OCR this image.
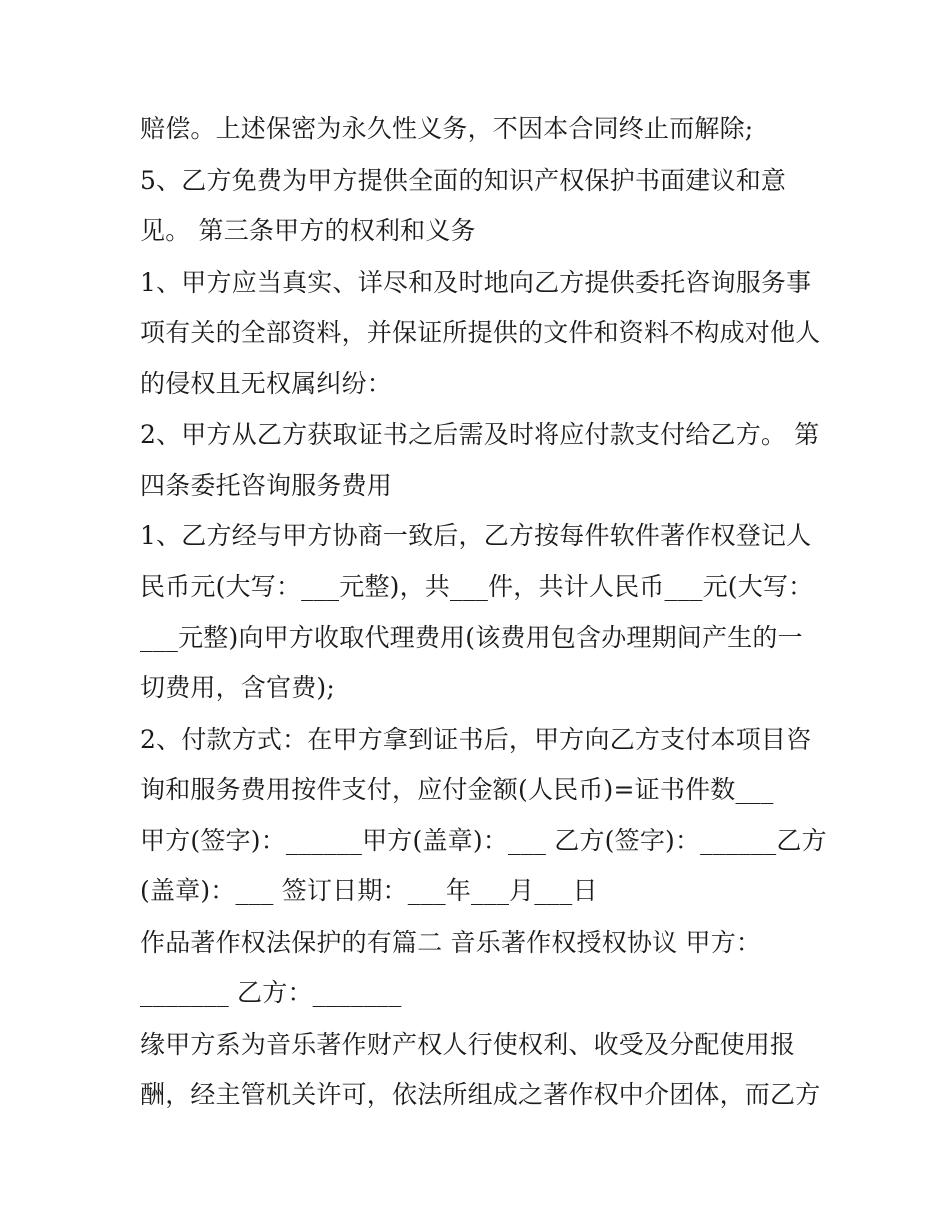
赔偿。上述保密为永久性义务，不因本合同终止而解除;
5、乙方免费为甲方提供全面的知识产权保护书面建议和意
见。 第三条甲方的权利和义务
1、甲方应当真实、详尽和及时地向乙方提供委托咨询服务事
项有关的全部资料，并保证所提供的文件和资料不构成对他人
的侵权且无权属纠纷：
2、甲方从乙方获取证书之后需及时将应付款支付给乙方。 第
四条委托咨询服务费用
1、乙方经与甲方协商一致后，乙方按每件软件著作权登记人
民币元(大写：___元整)，共___件，共计人民币___元(大写：
___元整)向甲方收取代理费用(该费用包含办理期间产生的一
切费用，含官费);
2、付款方式：在甲方拿到证书后，甲方向乙方支付本项目咨
询和服务费用按件支付，应付金额(人民币)=证书件数___
甲方(签字)：______甲方(盖章)：___ 乙方(签字)：______乙方
(盖章)：___ 签订日期：___年___月___日
作品著作权法保护的有篇二 音乐著作权授权协议 甲方：
_______ 乙方：_______
缘甲方系为音乐著作财产权人行使权利、收受及分配使用报
酬，经主管机关许可，依法所组成之著作权中介团体，而乙方
